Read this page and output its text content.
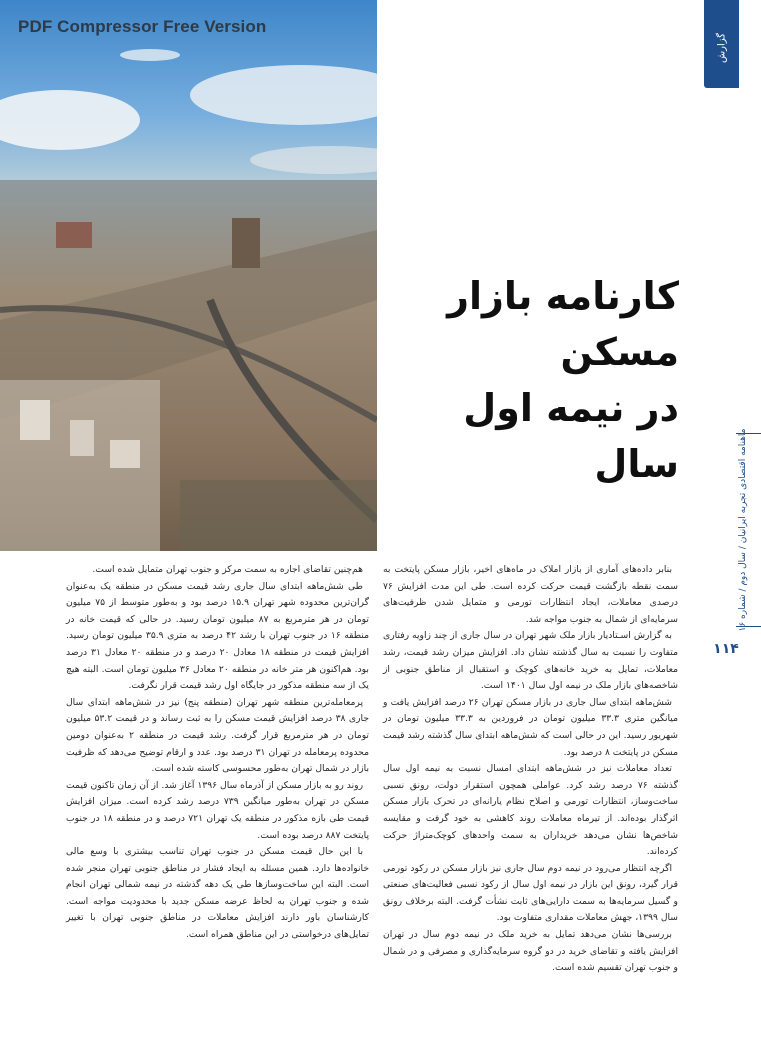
PDF Compressor Free Version
گزارش
کارنامه بازار مسکن
در نیمه اول سال	ماهنامه اقتصادی تجربه ایرانیان / سال دوم / شماره
۱۱۴

بنابر داده‌های آماری از بازار املاک در ماه‌های اخیر، بازار مسکن پایتخت به سمت نقطه بازگشت قیمت حرکت کرده است. طی این مدت افزایش ۷۶ درصدی معاملات، ایجاد انتظارات تورمی و متمایل شدن ظرفیت‌های سرمایه‌ای از شمال به جنوب مواجه شد.

به گزارش اسـتادیار بازار ملک شهر تهران در سال جاری از چند زاویه رفتاری متفاوت را نسبت به سال گذشته نشان داد. افزایش میزان رشد قیمت، رشد معاملات، تمایل به خرید خانه‌های کوچک و استقبال از مناطق جنوبی از شاخصه‌های بازار ملک در نیمه اول سال ۱۴۰۱ است.

شش‌ماهه ابتدای سال جاری در بازار مسکن تهران ۲۶ درصد افزایش یافت و میانگین متری ۳۳.۳ میلیون تومان در فروردین به ۳۳.۳ میلیون تومان در شهریور رسید. این در حالی است که شش‌ماهه ابتدای سال گذشته رشد قیمت مسکن در پایتخت ۸ درصد بود.

تعداد معاملات نیز در شش‌ماهه ابتدای امسال نسبت به نیمه اول سال گذشته ۷۶ درصد رشد کرد. عواملی همچون استقرار دولت، رونق نسبی ساخت‌وساز، انتظارات تورمی و اصلاح نظام یارانه‌ای در تحرک بازار مسکن اثرگذار بوده‌اند. از تیرماه معاملات روند کاهشی به خود گرفت و مقایسه شاخص‌ها نشان می‌دهد خریداران به سمت واحدهای کوچک‌متراژ حرکت کرده‌اند.

اگرچه انتظار می‌رود در نیمه دوم سال جاری نیز بازار مسکن در رکود تورمی قرار گیرد، رونق این بازار در نیمه اول سال از رکود نسبی فعالیت‌های صنعتی و گسیل سرمایه‌ها به سمت دارایی‌های ثابت نشأت گرفت. البته برخلاف رونق سال ۱۳۹۹، جهش معاملات مقداری متفاوت بود.

بررسی‌ها نشان می‌دهد تمایل به خرید ملک در نیمه دوم سال در تهران افزایش یافته و تقاضای خرید در دو گروه سرمایه‌گذاری و مصرفی و در شمال و جنوب تهران تقسیم شده است.

هم‌چنین تقاضای اجاره به سمت مرکز و جنوب تهران متمایل شده است.

طی شش‌ماهه ابتدای سال جاری رشد قیمت مسکن در منطقه یک به‌عنوان گران‌ترین محدوده شهر تهران ۱۵.۹ درصد بود و به‌طور متوسط از ۷۵ میلیون تومان در هر مترمربع به ۸۷ میلیون تومان رسید. در حالی که قیمت خانه در منطقه ۱۶ در جنوب تهران با رشد ۴۲ درصد به متری ۳۵.۹ میلیون تومان رسید. افزایش قیمت در منطقه ۱۸ معادل ۲۰ درصد و در منطقه ۲۰ معادل ۳۱ درصد بود. هم‌اکنون هر متر خانه در منطقه ۲۰ معادل ۳۶ میلیون تومان است. البته هیچ یک از سه منطقه مذکور در جایگاه اول رشد قیمت قرار نگرفت.

پرمعامله‌ترین منطقه شهر تهران (منطقه پنج) نیز در شش‌ماهه ابتدای سال جاری ۳۸ درصد افزایش قیمت مسکن را به ثبت رساند و در قیمت ۵۳.۲ میلیون تومان در هر مترمربع قرار گرفت. رشد قیمت در منطقه ۲ به‌عنوان دومین محدوده پرمعامله در تهران ۳۱ درصد بود. عدد و ارقام توضیح می‌دهد که ظرفیت بازار در شمال تهران به‌طور محسوسی کاسته شده است.

روند رو به بازار مسکن از آذرماه سال ۱۳۹۶ آغاز شد. از آن زمان تاکنون قیمت مسکن در تهران به‌طور میانگین ۷۳۹ درصد رشد کرده است. میزان افزایش قیمت طی بازه مذکور در منطقه یک تهران ۷۲۱ درصد و در منطقه ۱۸ در جنوب پایتخت ۸۸۷ درصد بوده است.

با این حال قیمت مسکن در جنوب تهران تناسب بیشتری با وسع مالی خانواده‌ها دارد. همین مسئله به ایجاد فشار در مناطق جنوبی تهران منجر شده است. البته این ساخت‌وسازها طی یک دهه گذشته در نیمه شمالی تهران انجام شده و جنوب تهران به لحاظ عرضه مسکن جدید با محدودیت مواجه است. کارشناسان باور دارند افزایش معاملات در مناطق جنوبی تهران با تغییر تمایل‌های درخواستی در این مناطق همراه است.
